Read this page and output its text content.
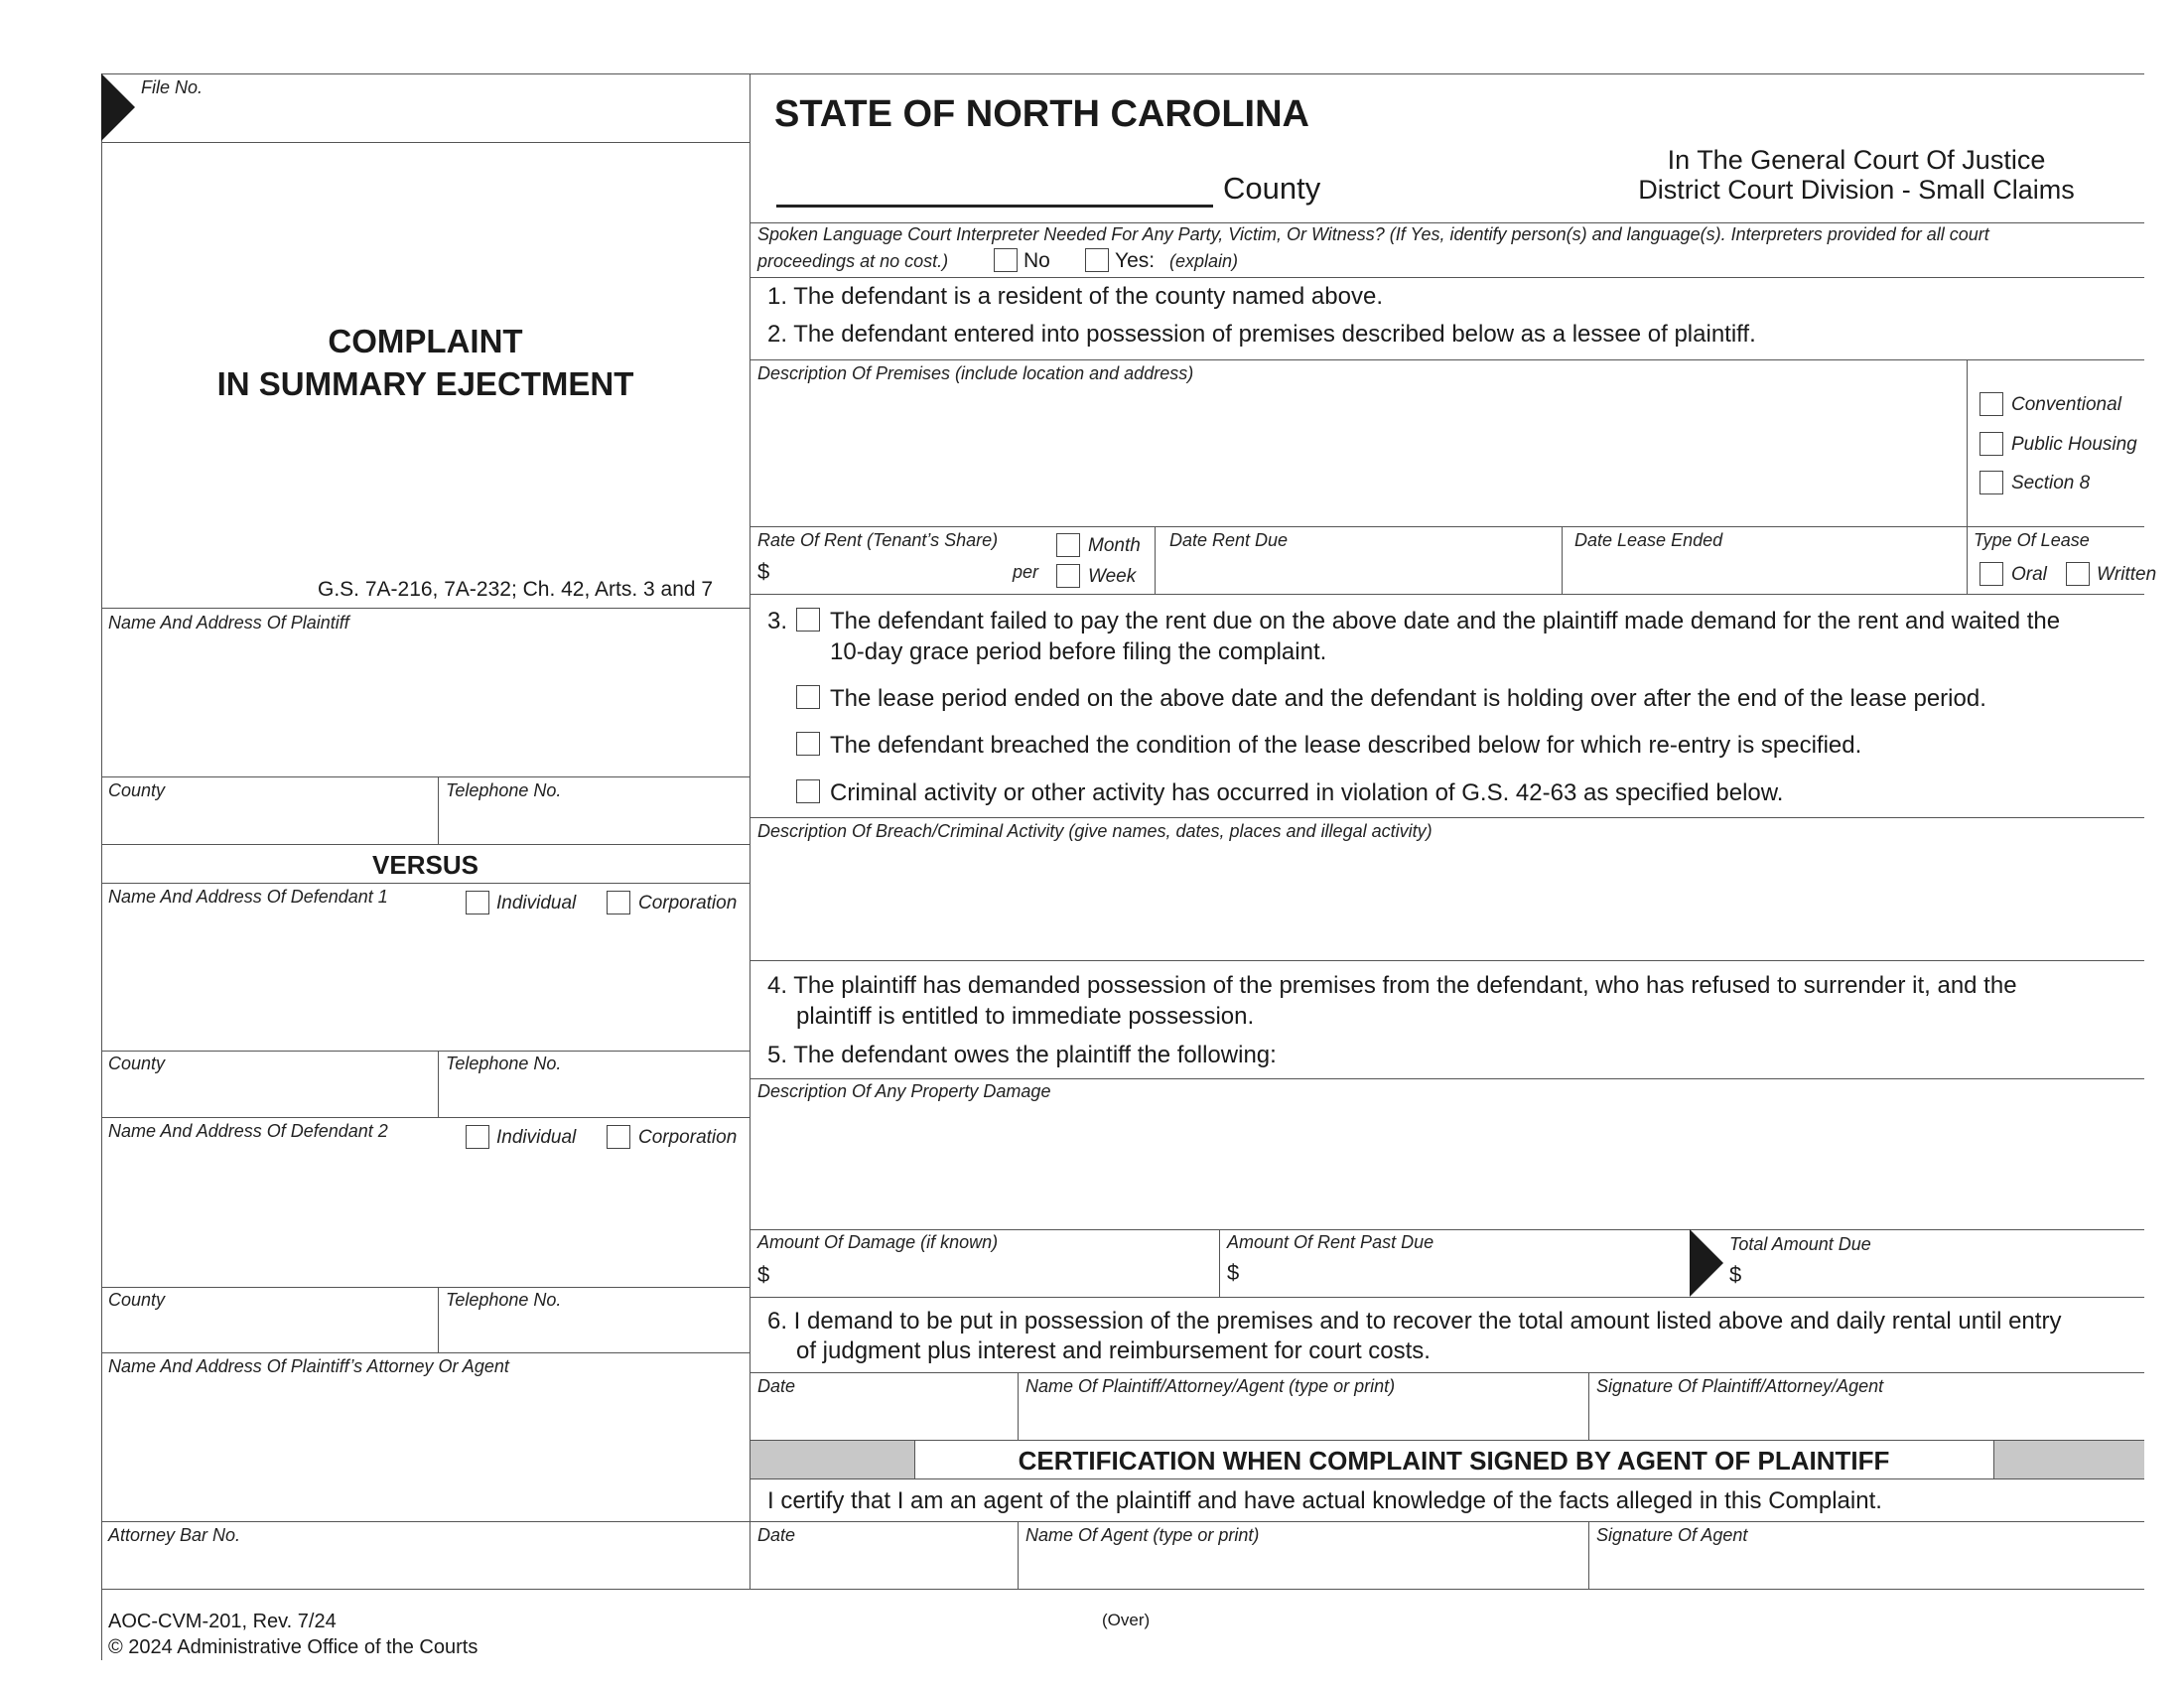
File No.
COMPLAINT
IN SUMMARY EJECTMENT
G.S. 7A-216, 7A-232; Ch. 42, Arts. 3 and 7
Name And Address Of Plaintiff
County	Telephone No.
VERSUS
Name And Address Of Defendant 1	Individual	Corporation
County	Telephone No.
Name And Address Of Defendant 2	Individual	Corporation
County	Telephone No.
Name And Address Of Plaintiff’s Attorney Or Agent
Attorney Bar No.
STATE OF NORTH CAROLINA
County
In The General Court Of Justice
District Court Division - Small Claims
Spoken Language Court Interpreter Needed For Any Party, Victim, Or Witness? (If Yes, identify person(s) and language(s). Interpreters provided for all court
proceedings at no cost.)	No	Yes: (explain)
1. The defendant is a resident of the county named above.
2. The defendant entered into possession of premises described below as a lessee of plaintiff.
Description Of Premises (include location and address)
Conventional
Public Housing
Section 8
Rate Of Rent (Tenant’s Share)
$	per
Month
Week
Date Rent Due	Date Lease Ended	Type Of Lease
Oral	Written
3. The defendant failed to pay the rent due on the above date and the plaintiff made demand for the rent and waited the
10-day grace period before filing the complaint.
The lease period ended on the above date and the defendant is holding over after the end of the lease period.
The defendant breached the condition of the lease described below for which re-entry is specified.
Criminal activity or other activity has occurred in violation of G.S. 42-63 as specified below.
Description Of Breach/Criminal Activity (give names, dates, places and illegal activity)
4. The plaintiff has demanded possession of the premises from the defendant, who has refused to surrender it, and the
plaintiff is entitled to immediate possession.
5. The defendant owes the plaintiff the following:
Description Of Any Property Damage
Amount Of Damage (if known)
$
Amount Of Rent Past Due
$
Total Amount Due
$
6. I demand to be put in possession of the premises and to recover the total amount listed above and daily rental until entry
of judgment plus interest and reimbursement for court costs.
Date	Name Of Plaintiff/Attorney/Agent (type or print)	Signature Of Plaintiff/Attorney/Agent
CERTIFICATION WHEN COMPLAINT SIGNED BY AGENT OF PLAINTIFF
I certify that I am an agent of the plaintiff and have actual knowledge of the facts alleged in this Complaint.
Date	Name Of Agent (type or print)	Signature Of Agent
AOC-CVM-201, Rev. 7/24
© 2024 Administrative Office of the Courts
(Over)
